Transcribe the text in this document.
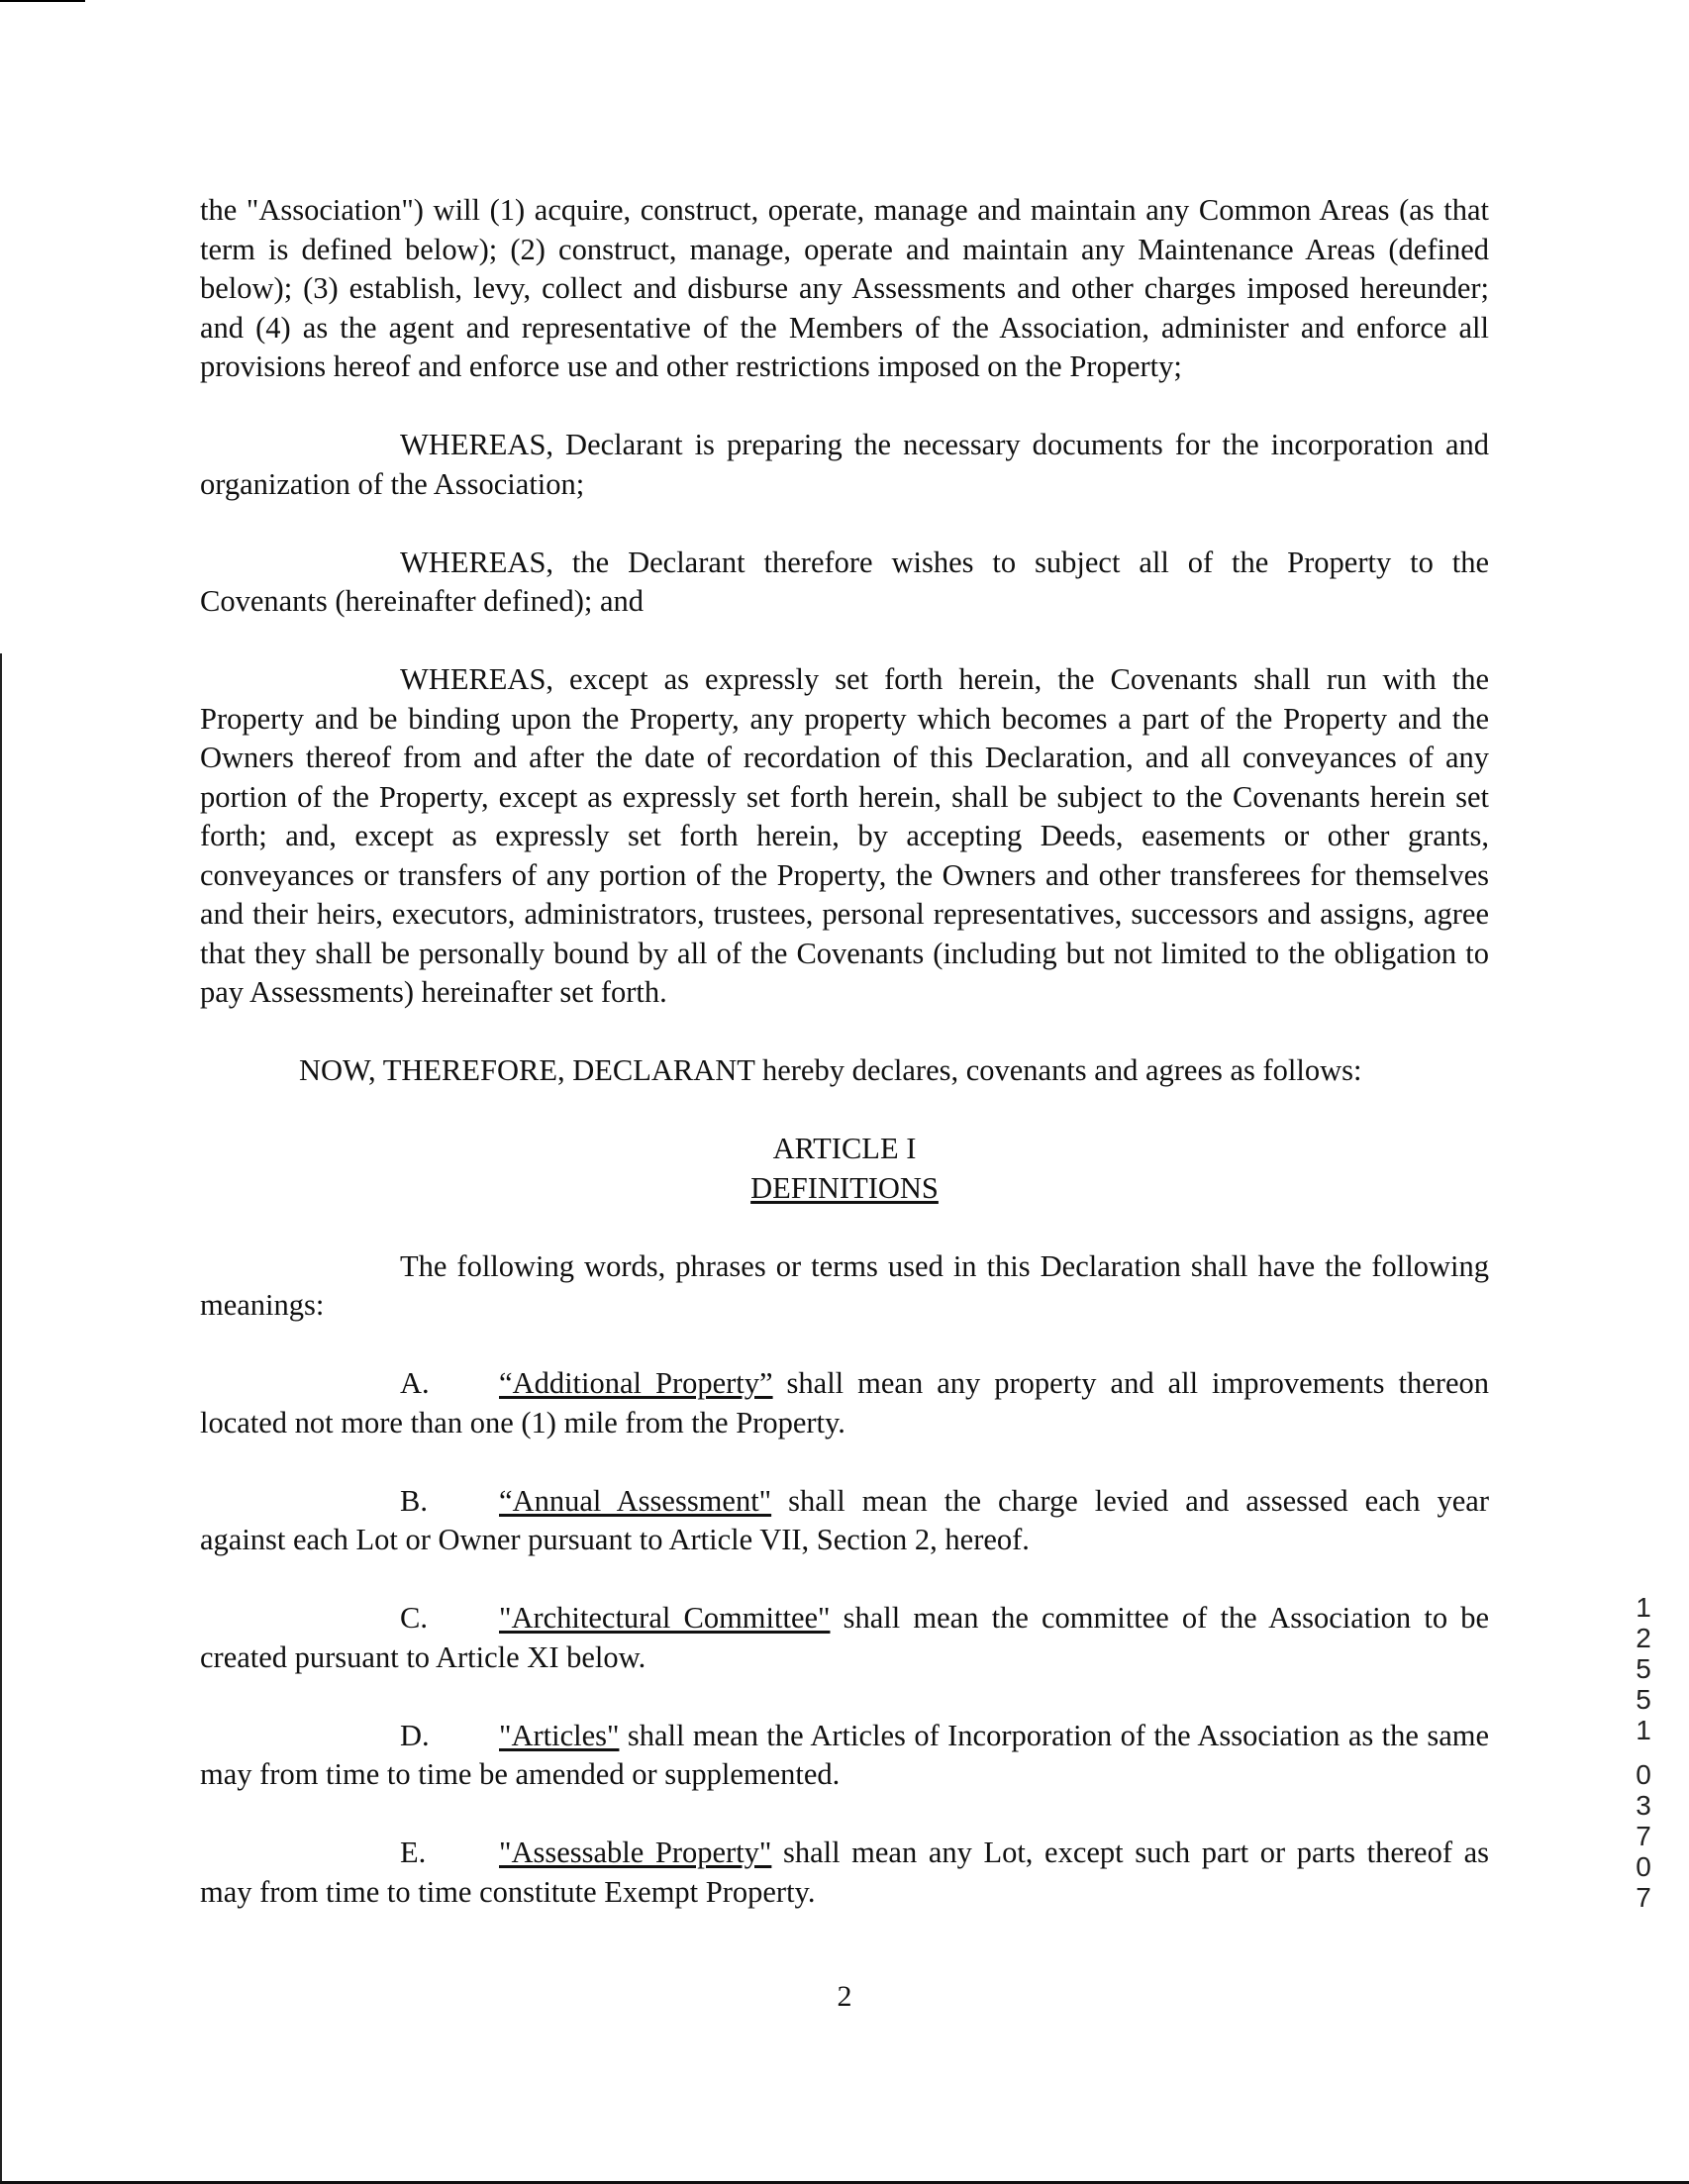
the "Association") will (1) acquire, construct, operate, manage and maintain any Common Areas (as that term is defined below); (2) construct, manage, operate and maintain any Maintenance Areas (defined below); (3) establish, levy, collect and disburse any Assessments and other charges imposed hereunder; and (4) as the agent and representative of the Members of the Association, administer and enforce all provisions hereof and enforce use and other restrictions imposed on the Property;

WHEREAS, Declarant is preparing the necessary documents for the incorporation and organization of the Association;

WHEREAS, the Declarant therefore wishes to subject all of the Property to the Covenants (hereinafter defined); and

WHEREAS, except as expressly set forth herein, the Covenants shall run with the Property and be binding upon the Property, any property which becomes a part of the Property and the Owners thereof from and after the date of recordation of this Declaration, and all conveyances of any portion of the Property, except as expressly set forth herein, shall be subject to the Covenants herein set forth; and, except as expressly set forth herein, by accepting Deeds, easements or other grants, conveyances or transfers of any portion of the Property, the Owners and other transferees for themselves and their heirs, executors, administrators, trustees, personal representatives, successors and assigns, agree that they shall be personally bound by all of the Covenants (including but not limited to the obligation to pay Assessments) hereinafter set forth.

NOW, THEREFORE, DECLARANT hereby declares, covenants and agrees as follows:

ARTICLE I

DEFINITIONS

The following words, phrases or terms used in this Declaration shall have the following meanings:

A. “Additional Property” shall mean any property and all improvements thereon located not more than one (1) mile from the Property.

B. “Annual Assessment" shall mean the charge levied and assessed each year against each Lot or Owner pursuant to Article VII, Section 2, hereof.

C. "Architectural Committee" shall mean the committee of the Association to be created pursuant to Article XI below.

D. "Articles" shall mean the Articles of Incorporation of the Association as the same may from time to time be amended or supplemented.

E. "Assessable Property" shall mean any Lot, except such part or parts thereof as may from time to time constitute Exempt Property.

2
1
2
5
5
1
0
3
7
0
7
